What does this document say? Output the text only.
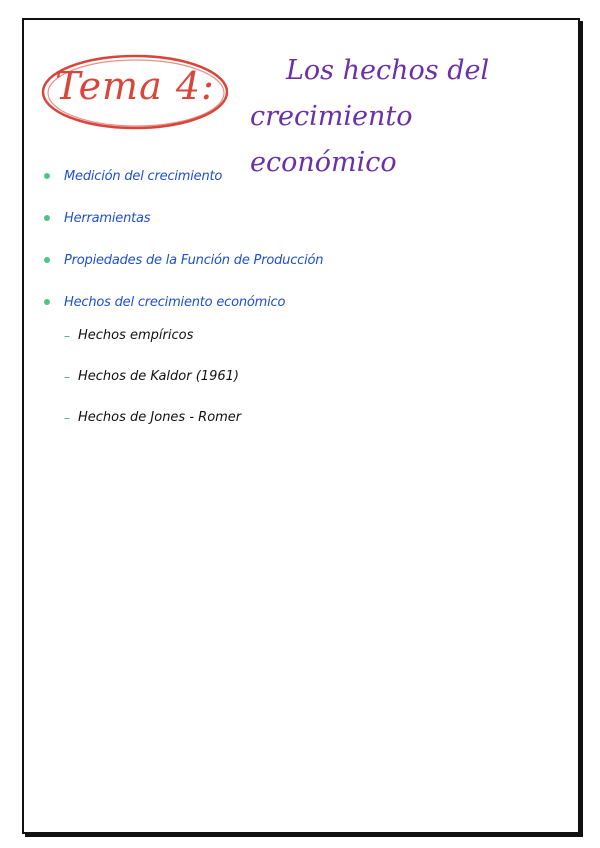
Tema 4:	Los hechos del
crecimiento económico
Medición del crecimiento
Herramientas
Propiedades de la Función de Producción
Hechos del crecimiento económico
– Hechos empíricos
– Hechos de Kaldor (1961)
– Hechos de Jones - Romer
